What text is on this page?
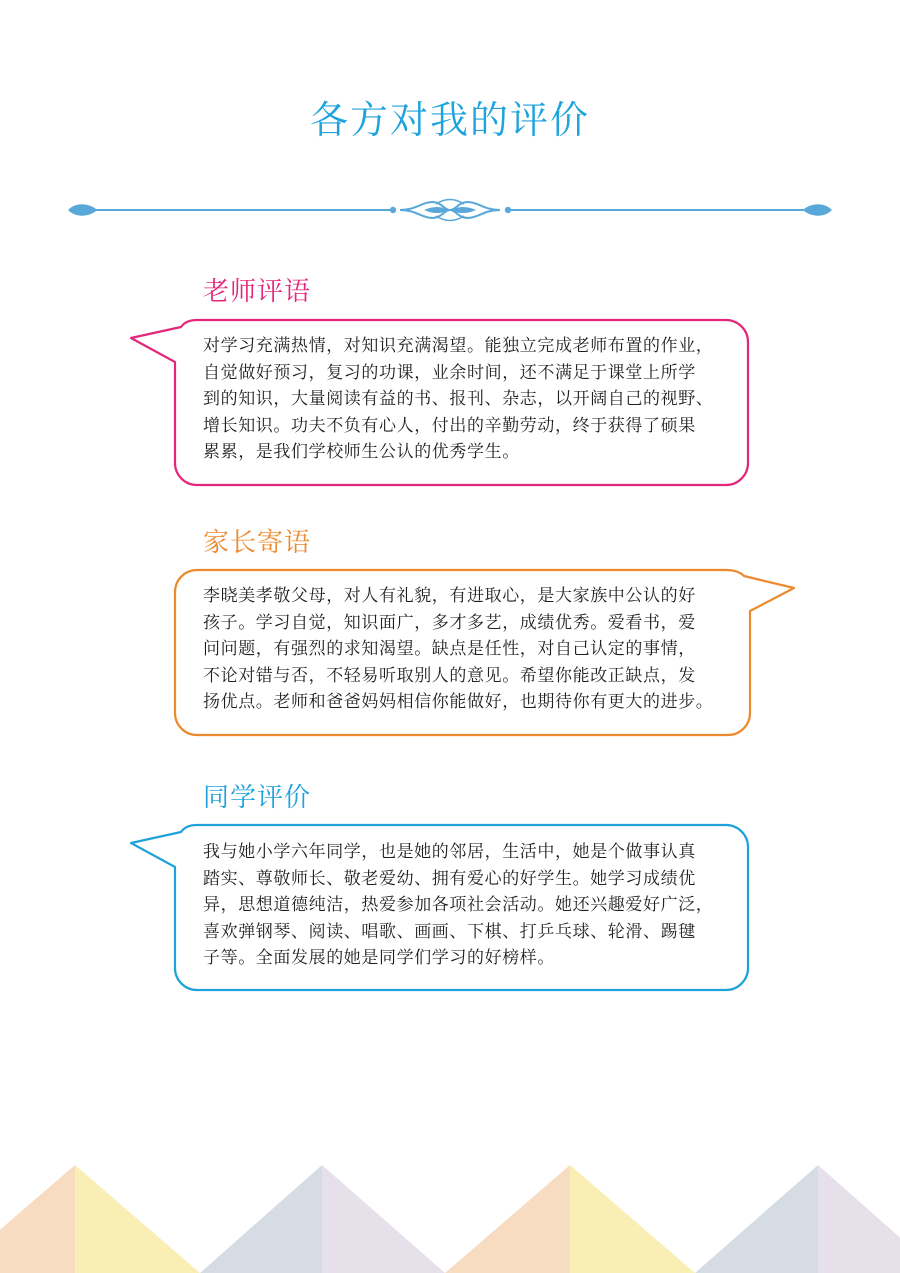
各方对我的评价
老师评语
对学习充满热情，对知识充满渴望。能独立完成老师布置的作业，
自觉做好预习，复习的功课，业余时间，还不满足于课堂上所学
到的知识，大量阅读有益的书、报刊、杂志，以开阔自己的视野、
增长知识。功夫不负有心人，付出的辛勤劳动，终于获得了硕果
累累，是我们学校师生公认的优秀学生。
家长寄语
李晓美孝敬父母，对人有礼貌，有进取心，是大家族中公认的好
孩子。学习自觉，知识面广，多才多艺，成绩优秀。爱看书，爱
问问题，有强烈的求知渴望。缺点是任性，对自己认定的事情，
不论对错与否，不轻易听取别人的意见。希望你能改正缺点，发
扬优点。老师和爸爸妈妈相信你能做好，也期待你有更大的进步。
同学评价
我与她小学六年同学，也是她的邻居，生活中，她是个做事认真
踏实、尊敬师长、敬老爱幼、拥有爱心的好学生。她学习成绩优
异，思想道德纯洁，热爱参加各项社会活动。她还兴趣爱好广泛，
喜欢弹钢琴、阅读、唱歌、画画、下棋、打乒乓球、轮滑、踢毽
子等。全面发展的她是同学们学习的好榜样。
